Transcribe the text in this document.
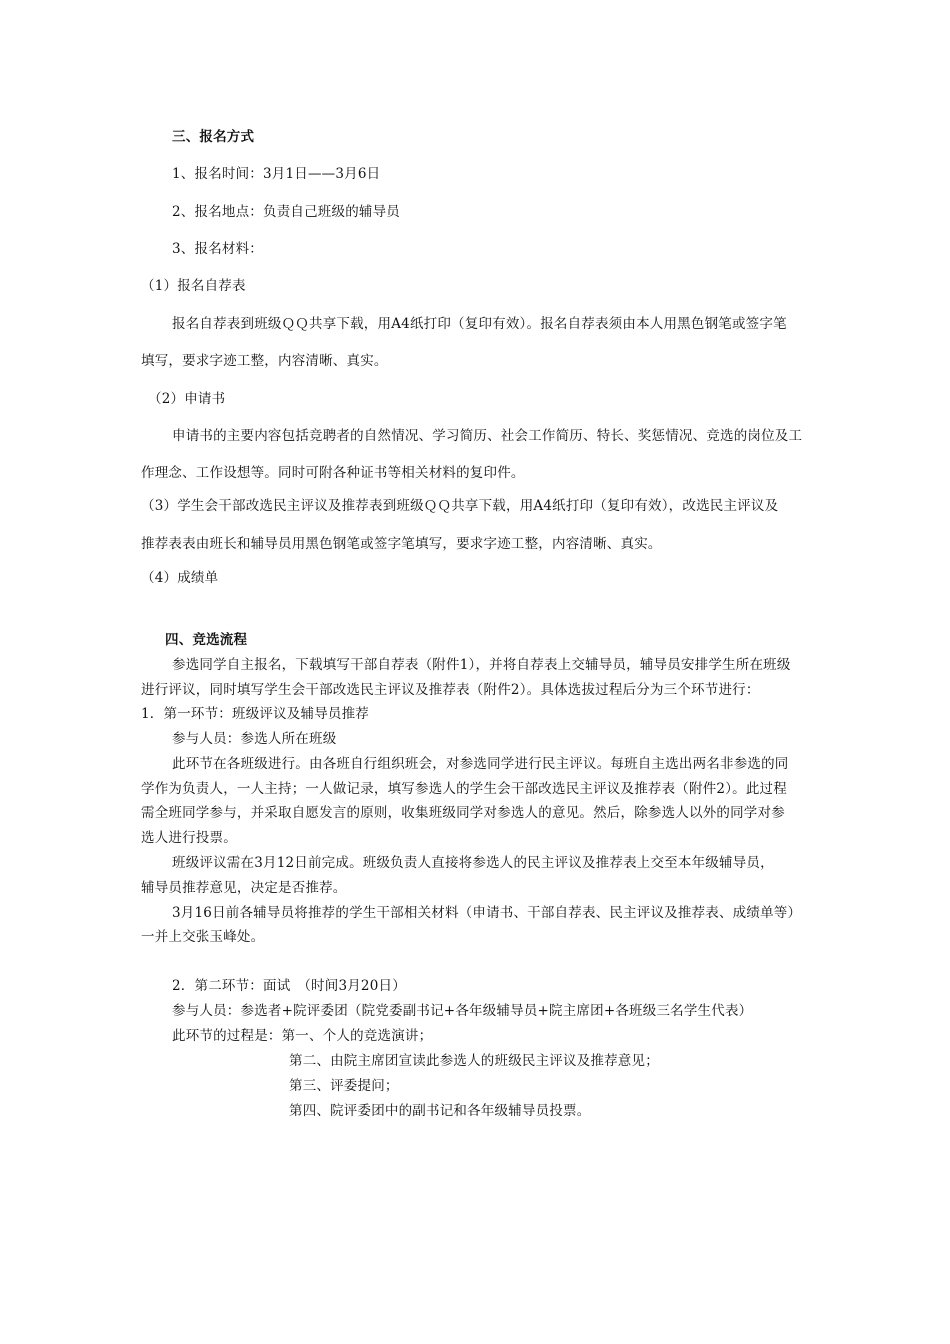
三、报名方式
1、报名时间：3月1日——3月6日
2、报名地点：负责自己班级的辅导员
3、报名材料：
（1）报名自荐表
报名自荐表到班级ＱＱ共享下载，用A4纸打印（复印有效）。报名自荐表须由本人用黑色钢笔或签字笔
填写，要求字迹工整，内容清晰、真实。
（2）申请书
申请书的主要内容包括竞聘者的自然情况、学习简历、社会工作简历、特长、奖惩情况、竞选的岗位及工
作理念、工作设想等。同时可附各种证书等相关材料的复印件。
（3）学生会干部改选民主评议及推荐表到班级ＱＱ共享下载，用A4纸打印（复印有效），改选民主评议及
推荐表表由班长和辅导员用黑色钢笔或签字笔填写，要求字迹工整，内容清晰、真实。
（4）成绩单
四、竞选流程
参选同学自主报名，下载填写干部自荐表（附件1），并将自荐表上交辅导员，辅导员安排学生所在班级
进行评议，同时填写学生会干部改选民主评议及推荐表（附件2）。具体选拔过程后分为三个环节进行：
1．第一环节：班级评议及辅导员推荐
参与人员：参选人所在班级
此环节在各班级进行。由各班自行组织班会，对参选同学进行民主评议。每班自主选出两名非参选的同
学作为负责人，一人主持；一人做记录，填写参选人的学生会干部改选民主评议及推荐表（附件2）。此过程
需全班同学参与，并采取自愿发言的原则，收集班级同学对参选人的意见。然后，除参选人以外的同学对参
选人进行投票。
班级评议需在3月12日前完成。班级负责人直接将参选人的民主评议及推荐表上交至本年级辅导员，
辅导员推荐意见，决定是否推荐。
3月16日前各辅导员将推荐的学生干部相关材料（申请书、干部自荐表、民主评议及推荐表、成绩单等）
一并上交张玉峰处。
2．第二环节：面试　（时间3月20日）
参与人员：参选者+院评委团（院党委副书记+各年级辅导员+院主席团+各班级三名学生代表）
此环节的过程是：第一、个人的竞选演讲；
第二、由院主席团宣读此参选人的班级民主评议及推荐意见；
第三、评委提问；
第四、院评委团中的副书记和各年级辅导员投票。
